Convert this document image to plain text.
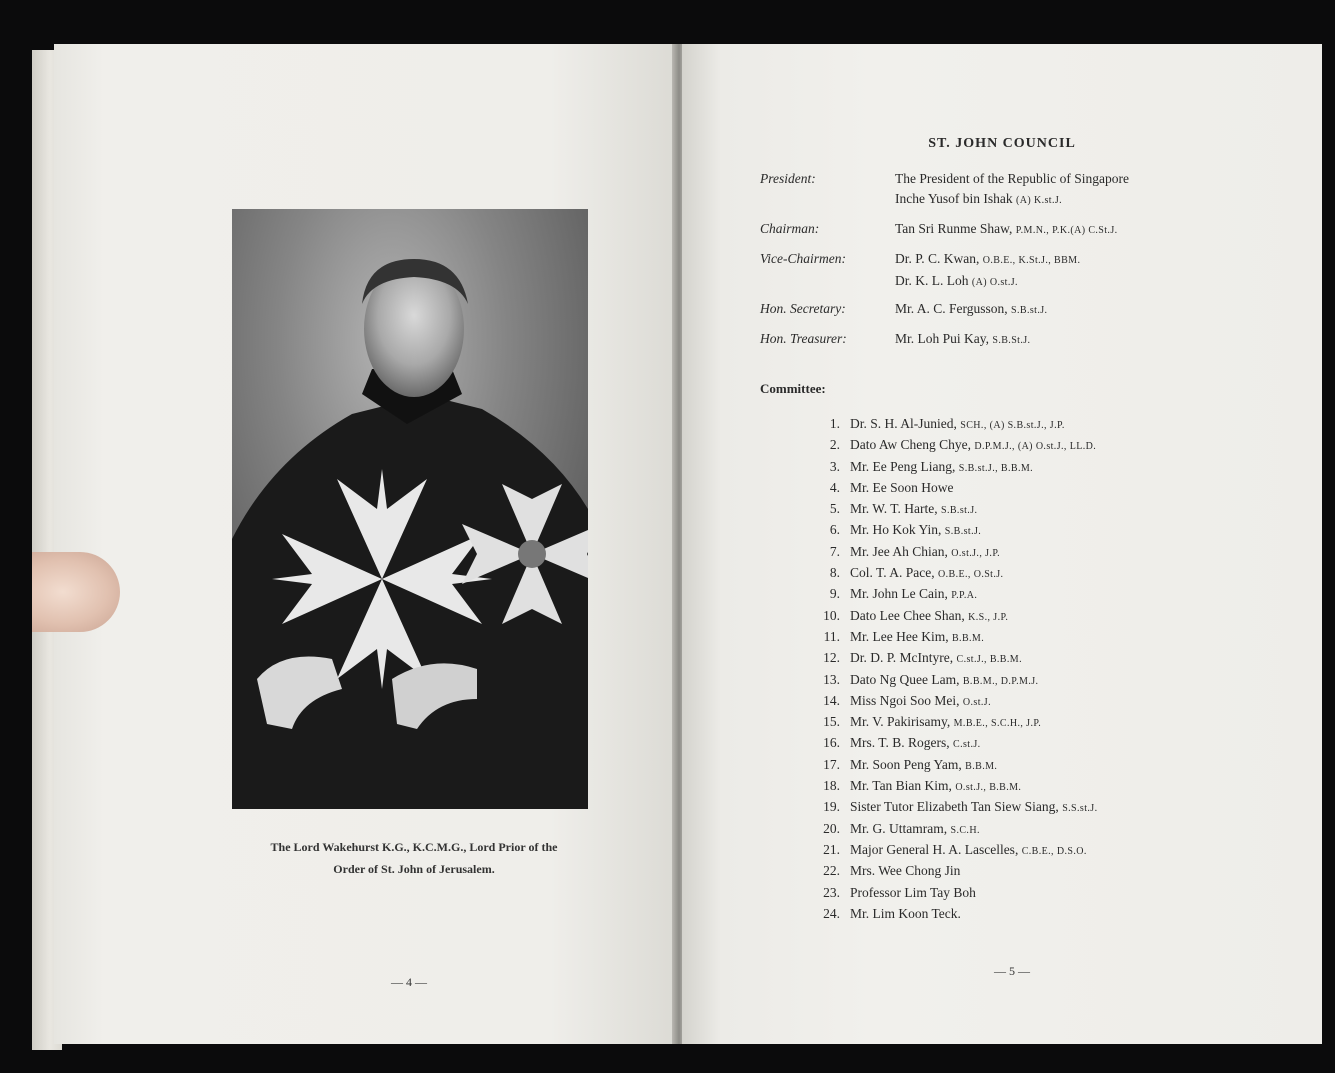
The Lord Wakehurst K.G., K.C.M.G., Lord Prior of the
Order of St. John of Jerusalem.
— 4 —
ST. JOHN COUNCIL
President:	The President of the Republic of Singapore
Inche Yusof bin Ishak (A) K.st.J.
Chairman:	Tan Sri Runme Shaw, P.M.N., P.K.(A) C.St.J.
Vice-Chairmen:	Dr. P. C. Kwan, O.B.E., K.St.J., BBM.
Dr. K. L. Loh (A) O.st.J.
Hon. Secretary:	Mr. A. C. Fergusson, S.B.st.J.
Hon. Treasurer:	Mr. Loh Pui Kay, S.B.St.J.
Committee:
1. Dr. S. H. Al-Junied, SCH., (A) S.B.st.J., J.P.
2. Dato Aw Cheng Chye, D.P.M.J., (A) O.st.J., LL.D.
3. Mr. Ee Peng Liang, S.B.st.J., B.B.M.
4. Mr. Ee Soon Howe
5. Mr. W. T. Harte, S.B.st.J.
6. Mr. Ho Kok Yin, S.B.st.J.
7. Mr. Jee Ah Chian, O.st.J., J.P.
8. Col. T. A. Pace, O.B.E., O.St.J.
9. Mr. John Le Cain, P.P.A.
10. Dato Lee Chee Shan, K.S., J.P.
11. Mr. Lee Hee Kim, B.B.M.
12. Dr. D. P. McIntyre, C.st.J., B.B.M.
13. Dato Ng Quee Lam, B.B.M., D.P.M.J.
14. Miss Ngoi Soo Mei, O.st.J.
15. Mr. V. Pakirisamy, M.B.E., S.C.H., J.P.
16. Mrs. T. B. Rogers, C.st.J.
17. Mr. Soon Peng Yam, B.B.M.
18. Mr. Tan Bian Kim, O.st.J., B.B.M.
19. Sister Tutor Elizabeth Tan Siew Siang, S.S.st.J.
20. Mr. G. Uttamram, S.C.H.
21. Major General H. A. Lascelles, C.B.E., D.S.O.
22. Mrs. Wee Chong Jin
23. Professor Lim Tay Boh
24. Mr. Lim Koon Teck.
— 5 —
